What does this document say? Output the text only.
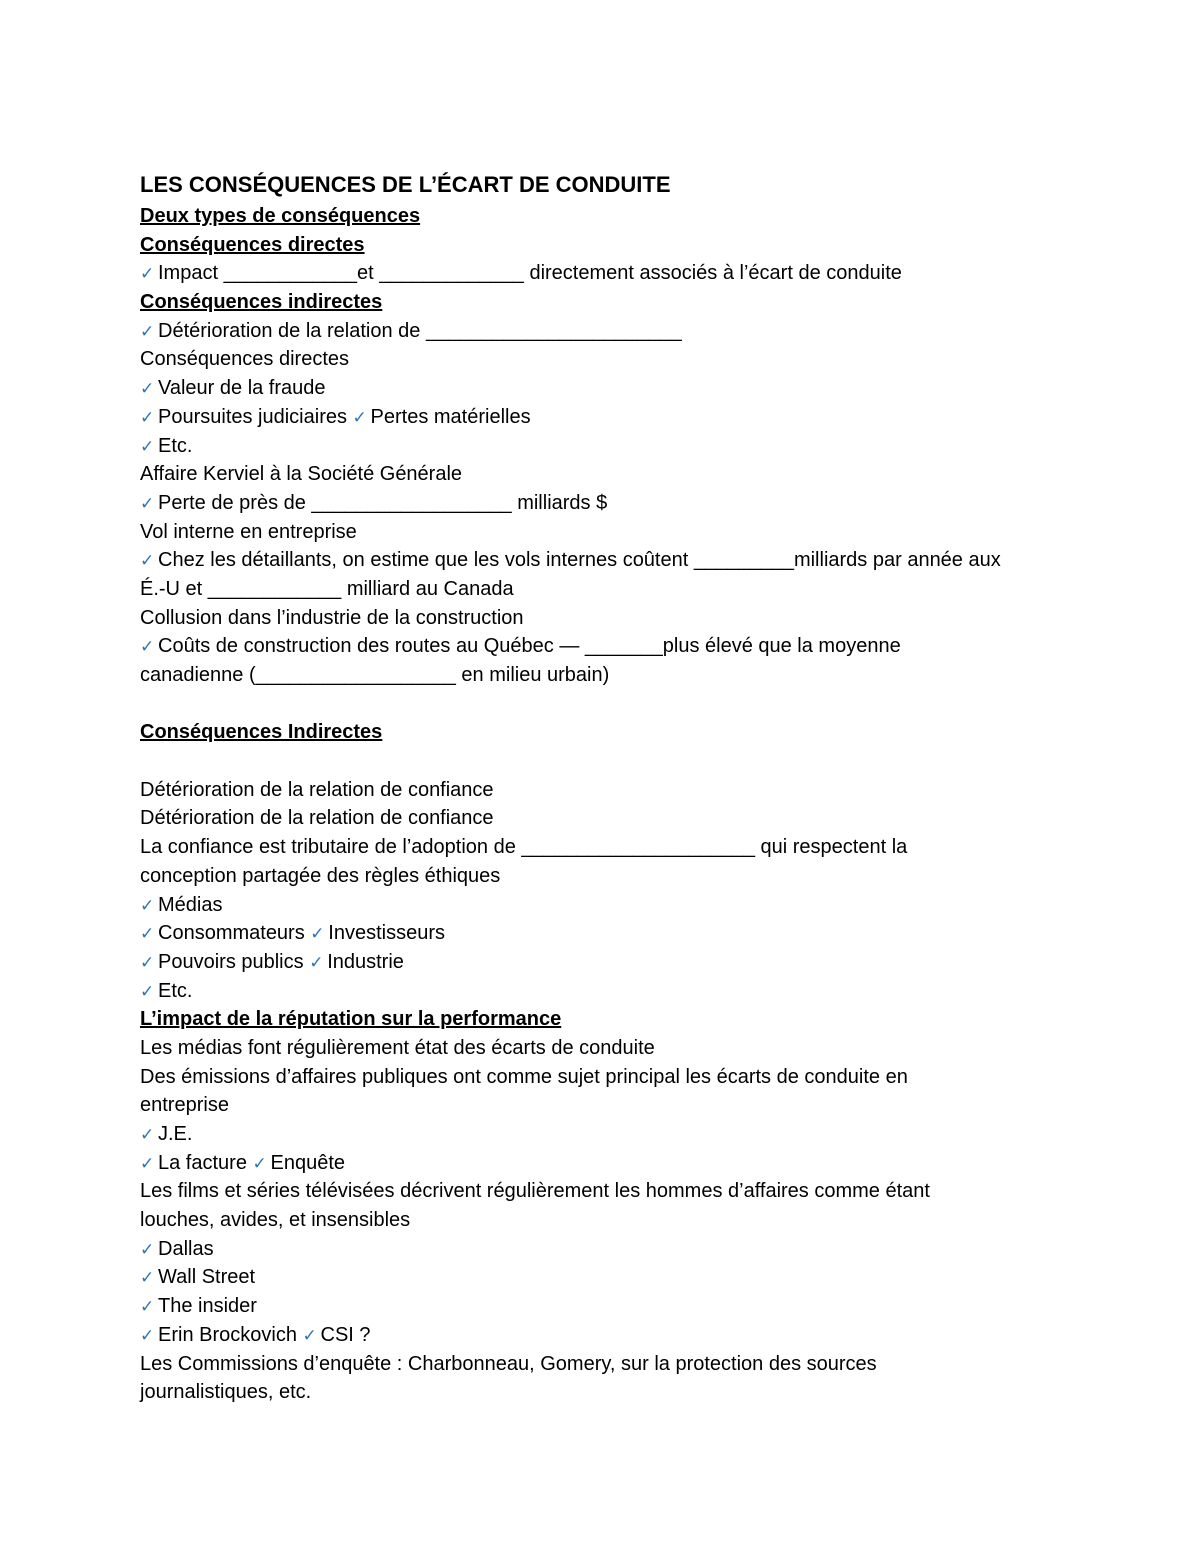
LES CONSÉQUENCES DE L’ÉCART DE CONDUITE
Deux types de conséquences
Conséquences directes
✓ Impact ____________et _____________ directement associés à l’écart de conduite
Conséquences indirectes
✓ Détérioration de la relation de _______________________
Conséquences directes
✓ Valeur de la fraude
✓ Poursuites judiciaires ✓ Pertes matérielles
✓ Etc.
Affaire Kerviel à la Société Générale
✓ Perte de près de __________________ milliards $
Vol interne en entreprise
✓ Chez les détaillants, on estime que les vols internes coûtent _________milliards par année aux
É.-U et ____________ milliard au Canada
Collusion dans l’industrie de la construction
✓ Coûts de construction des routes au Québec — _______plus élevé que la moyenne
canadienne (__________________ en milieu urbain)
Conséquences Indirectes
Détérioration de la relation de confiance
Détérioration de la relation de confiance
La confiance est tributaire de l’adoption de _____________________ qui respectent la
conception partagée des règles éthiques
✓ Médias
✓ Consommateurs ✓ Investisseurs
✓ Pouvoirs publics ✓ Industrie
✓ Etc.
L’impact de la réputation sur la performance
Les médias font régulièrement état des écarts de conduite
Des émissions d’affaires publiques ont comme sujet principal les écarts de conduite en
entreprise
✓ J.E.
✓ La facture ✓ Enquête
Les films et séries télévisées décrivent régulièrement les hommes d’affaires comme étant
louches, avides, et insensibles
✓ Dallas
✓ Wall Street
✓ The insider
✓ Erin Brockovich ✓ CSI ?
Les Commissions d’enquête : Charbonneau, Gomery, sur la protection des sources
journalistiques, etc.
